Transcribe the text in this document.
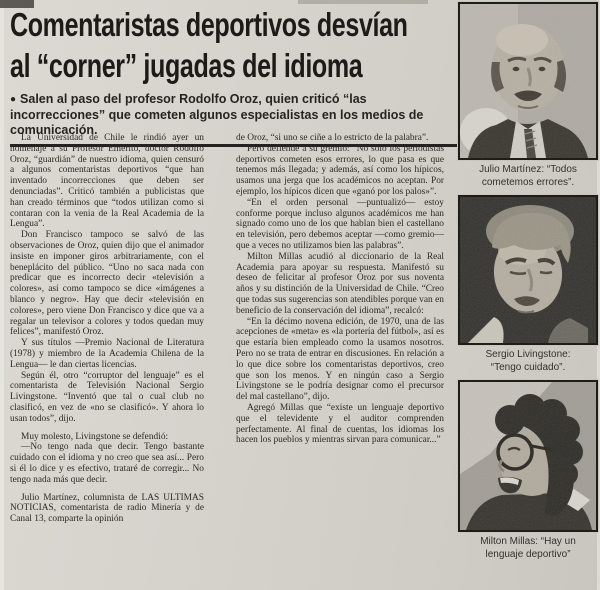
Comentaristas deportivos desvían
al “corner” jugadas del idioma

● Salen al paso del profesor Rodolfo Oroz, quien criticó “las incorrecciones” que cometen algunos especialistas en los medios de comunicación.

La Universidad de Chile le rindió ayer un homenaje a su Profesor Emérito, doctor Rodolfo Oroz, “guardián” de nuestro idioma, quien censuró a algunos comentaristas deportivos “que han inventado incorrecciones que deben ser denunciadas”. Criticó también a publicistas que han creado términos que “todos utilizan como si contaran con la venia de la Real Academia de la Lengua”.

Don Francisco tampoco se salvó de las observaciones de Oroz, quien dijo que el animador insiste en imponer giros arbitrariamente, con el beneplácito del público. “Uno no saca nada con predicar que es incorrecto decir «televisión a colores», así como tampoco se dice «imágenes a blanco y negro». Hay que decir «televisión en colores», pero viene Don Francisco y dice que va a regalar un televisor a colores y todos quedan muy felices”, manifestó Oroz.

Y sus títulos —Premio Nacional de Literatura (1978) y miembro de la Academia Chilena de la Lengua— le dan ciertas licencias.

Según él, otro “corruptor del lenguaje” es el comentarista de Televisión Nacional Sergio Livingstone. “Inventó que tal o cual club no clasificó, en vez de «no se clasificó». Y ahora lo usan todos”, dijo.

Muy molesto, Livingstone se defendió:

—No tengo nada que decir. Tengo bastante cuidado con el idioma y no creo que sea así... Pero si él lo dice y es efectivo, trataré de corregir... No tengo nada más que decir.

Julio Martínez, columnista de LAS ULTIMAS NOTICIAS, comentarista de radio Minería y de Canal 13, comparte la opinión

de Oroz, “si uno se ciñe a lo estricto de la palabra”.

Pero defiende a su gremio: “No sólo los periodistas deportivos cometen esos errores, lo que pasa es que tenemos más llegada; y además, así como los hípicos, usamos una jerga que los académicos no aceptan. Por ejemplo, los hípicos dicen que «ganó por los palos»”.

“En el orden personal —puntualizó— estoy conforme porque incluso algunos académicos me han signado como uno de los que hablan bien el castellano en televisión, pero debemos aceptar —como gremio— que a veces no utilizamos bien las palabras”.

Milton Millas acudió al diccionario de la Real Academia para apoyar su respuesta. Manifestó su deseo de felicitar al profesor Oroz por sus noventa años y su distinción de la Universidad de Chile. “Creo que todas sus sugerencias son atendibles porque van en beneficio de la conservación del idioma”, recalcó:

“En la décimo novena edición, de 1970, una de las acepciones de «meta» es «la portería del fútbol», así es que estaría bien empleado como la usamos nosotros. Pero no se trata de entrar en discusiones. En relación a lo que dice sobre los comentaristas deportivos, creo que son los menos. Y en ningún caso a Sergio Livingstone se le podría designar como el precursor del mal castellano”, dijo.

Agregó Millas que “existe un lenguaje deportivo que el televidente y el auditor comprenden perfectamente. Al final de cuentas, los idiomas los hacen los pueblos y mientras sirvan para comunicar...”

Julio Martínez: “Todos
cometemos errores”.
Sergio Livingstone:
“Tengo cuidado”.
Milton Millas: “Hay un
lenguaje deportivo”
